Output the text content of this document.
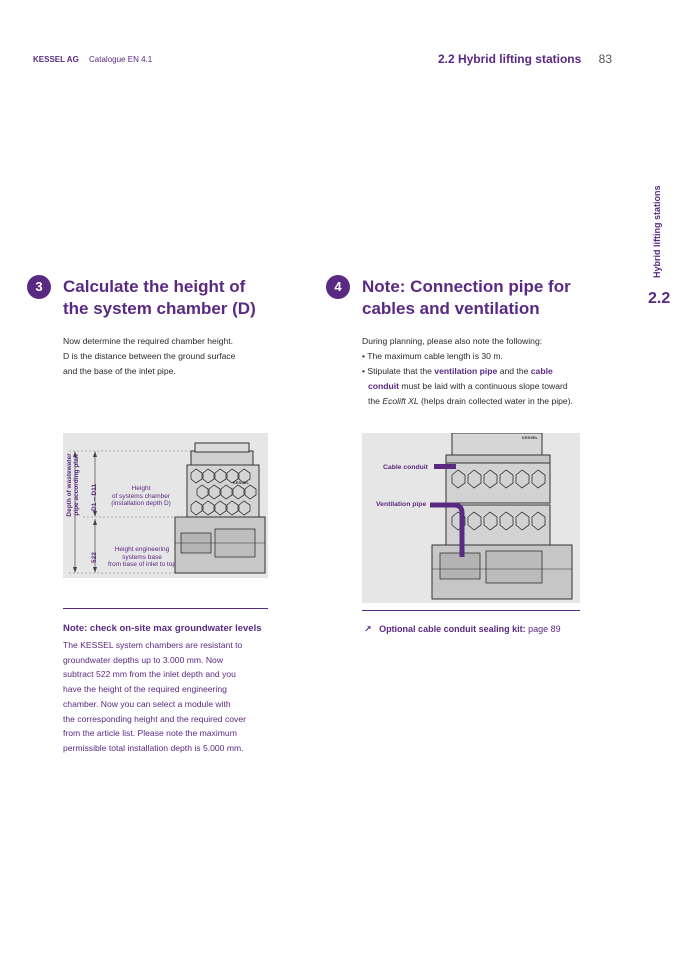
KESSEL AG Catalogue EN 4.1	2.2 Hybrid lifting stations 83
Hybrid lifting stations
2.2
3	Calculate the height of
the system chamber (D)

Now determine the required chamber height.

D is the distance between the ground surface

and the base of the inlet pipe.

Depth of wastewater pipe according plan D1 – D11
522
Height
of systems chamber
(installation depth D)
Height engineering
systems base
from base of inlet to top
KESSEL
4	Note: Connection pipe for
cables and ventilation

During planning, please also note the following:

• The maximum cable length is 30 m.
• Stipulate that the ventilation pipe and the cable
conduit must be laid with a continuous slope toward
the Ecolift XL (helps drain collected water in the pipe).
Cable conduit
Ventilation pipe
KESSEL
Note: check on-site max groundwater levels
The KESSEL system chambers are resistant to
groundwater depths up to 3.000 mm. Now
subtract 522 mm from the inlet depth and you
have the height of the required engineering
chamber. Now you can select a module with
the corresponding height and the required cover
from the article list. Please note the maximum
permissible total installation depth is 5.000 mm.
↗ Optional cable conduit sealing kit: page 89
